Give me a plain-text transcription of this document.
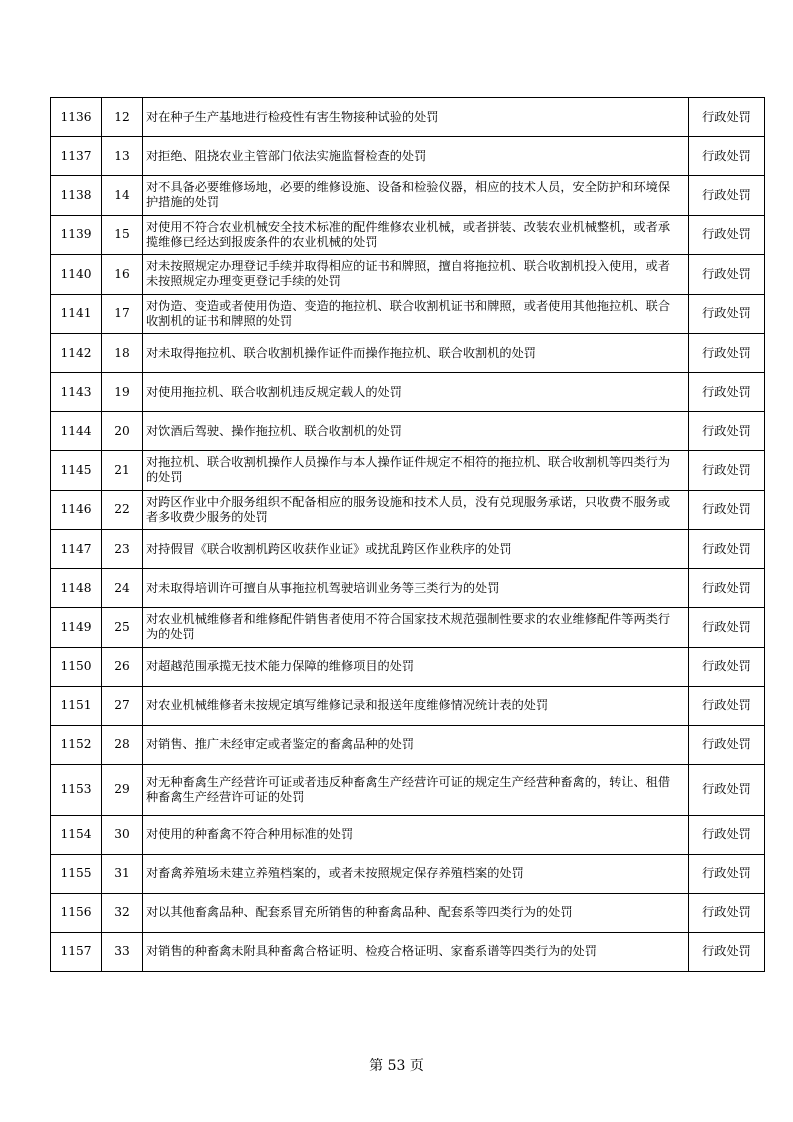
1136	12	对在种子生产基地进行检疫性有害生物接种试验的处罚	行政处罚
1137	13	对拒绝、阻挠农业主管部门依法实施监督检查的处罚	行政处罚
1138	14	对不具备必要维修场地，必要的维修设施、设备和检验仪器，相应的技术人员，安全防护和环境保护措施的处罚	行政处罚
1139	15	对使用不符合农业机械安全技术标准的配件维修农业机械，或者拼装、改装农业机械整机，或者承揽维修已经达到报废条件的农业机械的处罚	行政处罚
1140	16	对未按照规定办理登记手续并取得相应的证书和牌照，擅自将拖拉机、联合收割机投入使用，或者未按照规定办理变更登记手续的处罚	行政处罚
1141	17	对伪造、变造或者使用伪造、变造的拖拉机、联合收割机证书和牌照，或者使用其他拖拉机、联合收割机的证书和牌照的处罚	行政处罚
1142	18	对未取得拖拉机、联合收割机操作证件而操作拖拉机、联合收割机的处罚	行政处罚
1143	19	对使用拖拉机、联合收割机违反规定载人的处罚	行政处罚
1144	20	对饮酒后驾驶、操作拖拉机、联合收割机的处罚	行政处罚
1145	21	对拖拉机、联合收割机操作人员操作与本人操作证件规定不相符的拖拉机、联合收割机等四类行为的处罚	行政处罚
1146	22	对跨区作业中介服务组织不配备相应的服务设施和技术人员，没有兑现服务承诺，只收费不服务或者多收费少服务的处罚	行政处罚
1147	23	对持假冒《联合收割机跨区收获作业证》或扰乱跨区作业秩序的处罚	行政处罚
1148	24	对未取得培训许可擅自从事拖拉机驾驶培训业务等三类行为的处罚	行政处罚
1149	25	对农业机械维修者和维修配件销售者使用不符合国家技术规范强制性要求的农业维修配件等两类行为的处罚	行政处罚
1150	26	对超越范围承揽无技术能力保障的维修项目的处罚	行政处罚
1151	27	对农业机械维修者未按规定填写维修记录和报送年度维修情况统计表的处罚	行政处罚
1152	28	对销售、推广未经审定或者鉴定的畜禽品种的处罚	行政处罚
1153	29	对无种畜禽生产经营许可证或者违反种畜禽生产经营许可证的规定生产经营种畜禽的，转让、租借种畜禽生产经营许可证的处罚	行政处罚
1154	30	对使用的种畜禽不符合种用标准的处罚	行政处罚
1155	31	对畜禽养殖场未建立养殖档案的，或者未按照规定保存养殖档案的处罚	行政处罚
1156	32	对以其他畜禽品种、配套系冒充所销售的种畜禽品种、配套系等四类行为的处罚	行政处罚
1157	33	对销售的种畜禽未附具种畜禽合格证明、检疫合格证明、家畜系谱等四类行为的处罚	行政处罚
第 53 页
